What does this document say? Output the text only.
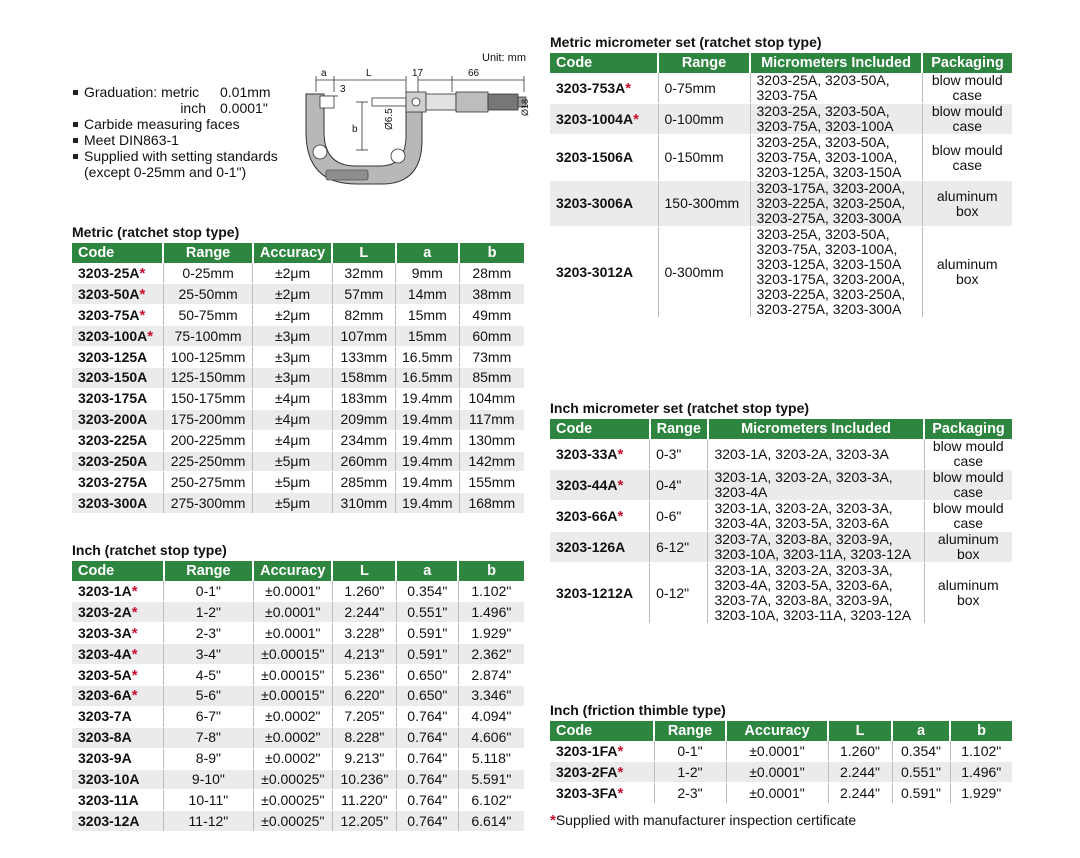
Graduation: metric	0.01mm
inch	0.0001"
Carbide measuring faces
Meet DIN863-1
Supplied with setting standards
(except 0-25mm and 0-1")
Unit: mm
a	L	17	66
3
b	Ø6.5
Ø18
Metric (ratchet stop type)
Code	Range	Accuracy	L	a	b
3203-25A*	0-25mm	±2μm	32mm	9mm	28mm
3203-50A*	25-50mm	±2μm	57mm	14mm	38mm
3203-75A*	50-75mm	±2μm	82mm	15mm	49mm
3203-100A*	75-100mm	±3μm	107mm	15mm	60mm
3203-125A	100-125mm	±3μm	133mm	16.5mm	73mm
3203-150A	125-150mm	±3μm	158mm	16.5mm	85mm
3203-175A	150-175mm	±4μm	183mm	19.4mm	104mm
3203-200A	175-200mm	±4μm	209mm	19.4mm	117mm
3203-225A	200-225mm	±4μm	234mm	19.4mm	130mm
3203-250A	225-250mm	±5μm	260mm	19.4mm	142mm
3203-275A	250-275mm	±5μm	285mm	19.4mm	155mm
3203-300A	275-300mm	±5μm	310mm	19.4mm	168mm
Inch (ratchet stop type)
Code	Range	Accuracy	L	a	b
3203-1A*	0-1"	±0.0001"	1.260"	0.354"	1.102"
3203-2A*	1-2"	±0.0001"	2.244"	0.551"	1.496"
3203-3A*	2-3"	±0.0001"	3.228"	0.591"	1.929"
3203-4A*	3-4"	±0.00015"	4.213"	0.591"	2.362"
3203-5A*	4-5"	±0.00015"	5.236"	0.650"	2.874"
3203-6A*	5-6"	±0.00015"	6.220"	0.650"	3.346"
3203-7A	6-7"	±0.0002"	7.205"	0.764"	4.094"
3203-8A	7-8"	±0.0002"	8.228"	0.764"	4.606"
3203-9A	8-9"	±0.0002"	9.213"	0.764"	5.118"
3203-10A	9-10"	±0.00025"	10.236"	0.764"	5.591"
3203-11A	10-11"	±0.00025"	11.220"	0.764"	6.102"
3203-12A	11-12"	±0.00025"	12.205"	0.764"	6.614"
Metric micrometer set (ratchet stop type)
Code	Range	Micrometers Included	Packaging
3203-753A*	0-75mm	3203-25A, 3203-50A, 3203-75A	blow mould case
3203-1004A*	0-100mm	3203-25A, 3203-50A, 3203-75A, 3203-100A	blow mould case
3203-1506A	0-150mm	3203-25A, 3203-50A, 3203-75A, 3203-100A, 3203-125A, 3203-150A	blow mould case
3203-3006A	150-300mm	3203-175A, 3203-200A, 3203-225A, 3203-250A, 3203-275A, 3203-300A	aluminum box
3203-3012A	0-300mm	3203-25A, 3203-50A, 3203-75A, 3203-100A, 3203-125A, 3203-150A 3203-175A, 3203-200A, 3203-225A, 3203-250A, 3203-275A, 3203-300A	aluminum box
Inch micrometer set (ratchet stop type)
Code	Range	Micrometers Included	Packaging
3203-33A*	0-3"	3203-1A, 3203-2A, 3203-3A	blow mould case
3203-44A*	0-4"	3203-1A, 3203-2A, 3203-3A, 3203-4A	blow mould case
3203-66A*	0-6"	3203-1A, 3203-2A, 3203-3A, 3203-4A, 3203-5A, 3203-6A	blow mould case
3203-126A	6-12"	3203-7A, 3203-8A, 3203-9A, 3203-10A, 3203-11A, 3203-12A	aluminum box
3203-1212A	0-12"	3203-1A, 3203-2A, 3203-3A, 3203-4A, 3203-5A, 3203-6A, 3203-7A, 3203-8A, 3203-9A, 3203-10A, 3203-11A, 3203-12A	aluminum box
Inch (friction thimble type)
Code	Range	Accuracy	L	a	b
3203-1FA*	0-1"	±0.0001"	1.260"	0.354"	1.102"
3203-2FA*	1-2"	±0.0001"	2.244"	0.551"	1.496"
3203-3FA*	2-3"	±0.0001"	2.244"	0.591"	1.929"
*Supplied with manufacturer inspection certificate
